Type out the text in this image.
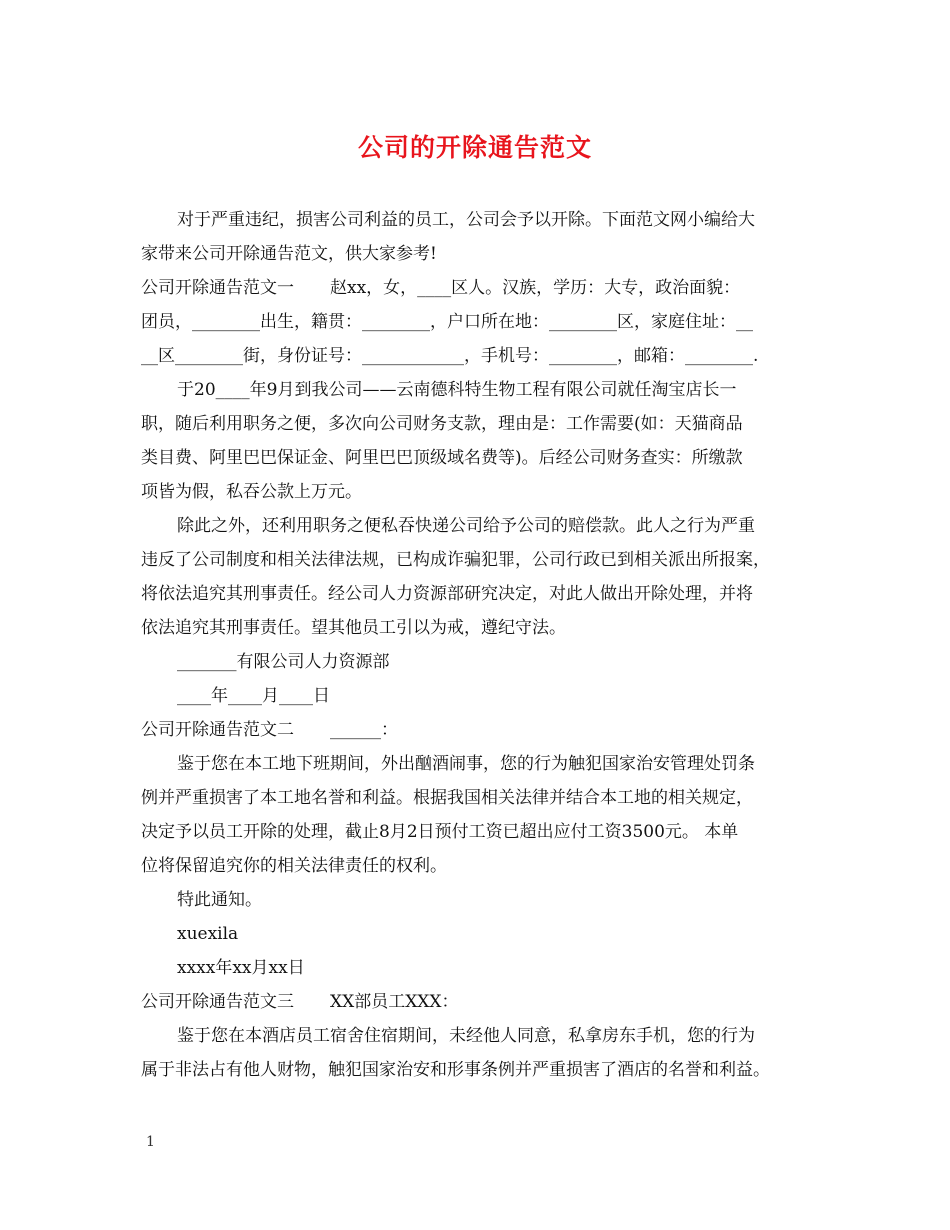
公司的开除通告范文

对于严重违纪，损害公司利益的员工，公司会予以开除。下面范文网小编给大

家带来公司开除通告范文，供大家参考!

公司开除通告范文一 赵xx，女，____区人。汉族，学历：大专，政治面貌：

团员，________出生，籍贯：________，户口所在地：________区，家庭住址：__

__区________街，身份证号：____________，手机号：________，邮箱：________.

于20____年9月到我公司——云南德科特生物工程有限公司就任淘宝店长一

职，随后利用职务之便，多次向公司财务支款，理由是：工作需要(如：天猫商品

类目费、阿里巴巴保证金、阿里巴巴顶级域名费等)。后经公司财务查实：所缴款

项皆为假，私吞公款上万元。

除此之外，还利用职务之便私吞快递公司给予公司的赔偿款。此人之行为严重

违反了公司制度和相关法律法规，已构成诈骗犯罪，公司行政已到相关派出所报案，

将依法追究其刑事责任。经公司人力资源部研究决定，对此人做出开除处理，并将

依法追究其刑事责任。望其他员工引以为戒，遵纪守法。

_______有限公司人力资源部

____年____月____日

公司开除通告范文二 ______：

鉴于您在本工地下班期间，外出酗酒闹事，您的行为触犯国家治安管理处罚条

例并严重损害了本工地名誉和利益。根据我国相关法律并结合本工地的相关规定，

决定予以员工开除的处理，截止8月2日预付工资已超出应付工资3500元。 本单

位将保留追究你的相关法律责任的权利。

特此通知。

xuexila

xxxx年xx月xx日

公司开除通告范文三 XX部员工XXX：

鉴于您在本酒店员工宿舍住宿期间，未经他人同意，私拿房东手机，您的行为

属于非法占有他人财物，触犯国家治安和形事条例并严重损害了酒店的名誉和利益。

1
